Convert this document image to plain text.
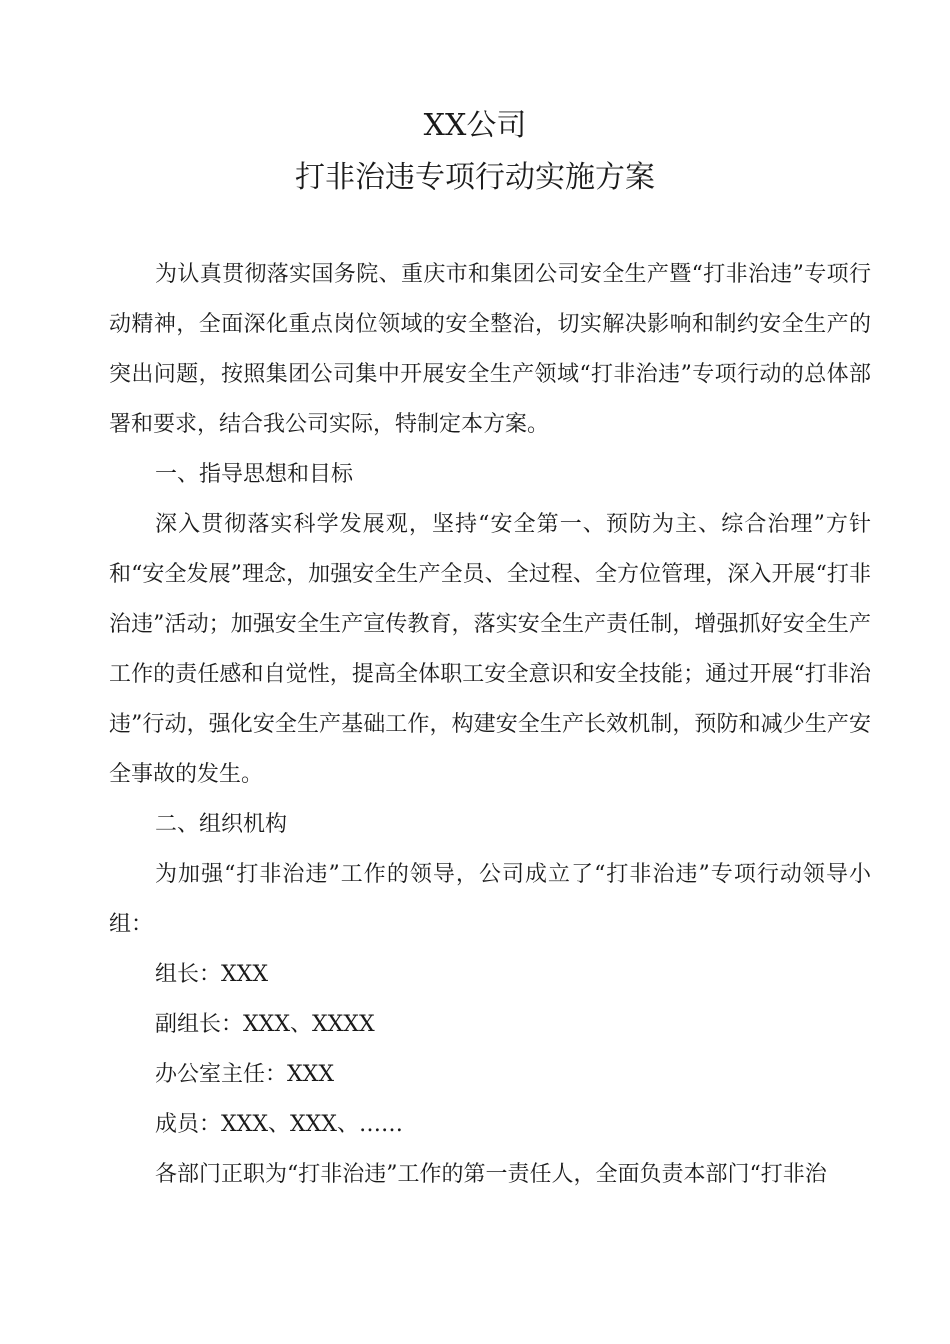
XX公司
打非治违专项行动实施方案

为认真贯彻落实国务院、重庆市和集团公司安全生产暨“打非治违”专项行动精神，全面深化重点岗位领域的安全整治，切实解决影响和制约安全生产的突出问题，按照集团公司集中开展安全生产领域“打非治违”专项行动的总体部署和要求，结合我公司实际，特制定本方案。

一、指导思想和目标

深入贯彻落实科学发展观，坚持“安全第一、预防为主、综合治理”方针和“安全发展”理念，加强安全生产全员、全过程、全方位管理，深入开展“打非治违”活动；加强安全生产宣传教育，落实安全生产责任制，增强抓好安全生产工作的责任感和自觉性，提高全体职工安全意识和安全技能；通过开展“打非治违”行动，强化安全生产基础工作，构建安全生产长效机制，预防和减少生产安全事故的发生。

二、组织机构

为加强“打非治违”工作的领导，公司成立了“打非治违”专项行动领导小组：

组长：XXX

副组长：XXX、XXXX

办公室主任：XXX

成员：XXX、XXX、……

各部门正职为“打非治违”工作的第一责任人，全面负责本部门“打非治
